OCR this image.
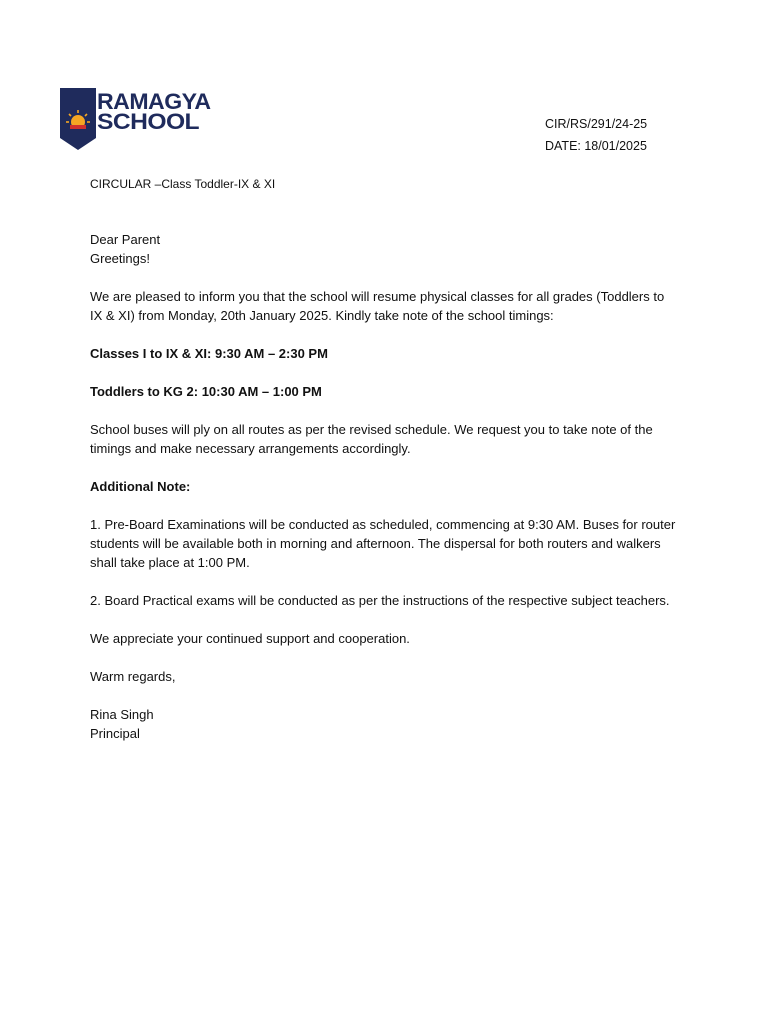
RAMAGYA
SCHOOL	CIR/RS/291/24-25
DATE: 18/01/2025
CIRCULAR –Class Toddler-IX & XI

Dear Parent

Greetings!

We are pleased to inform you that the school will resume physical classes for all grades (Toddlers to IX & XI) from Monday, 20th January 2025. Kindly take note of the school timings:

Classes I to IX & XI: 9:30 AM – 2:30 PM

Toddlers to KG 2: 10:30 AM – 1:00 PM

School buses will ply on all routes as per the revised schedule. We request you to take note of the timings and make necessary arrangements accordingly.

Additional Note:

1. Pre-Board Examinations will be conducted as scheduled, commencing at 9:30 AM. Buses for router students will be available both in morning and afternoon. The dispersal for both routers and walkers shall take place at 1:00 PM.

2. Board Practical exams will be conducted as per the instructions of the respective subject teachers.

We appreciate your continued support and cooperation.

Warm regards,

Rina Singh

Principal
